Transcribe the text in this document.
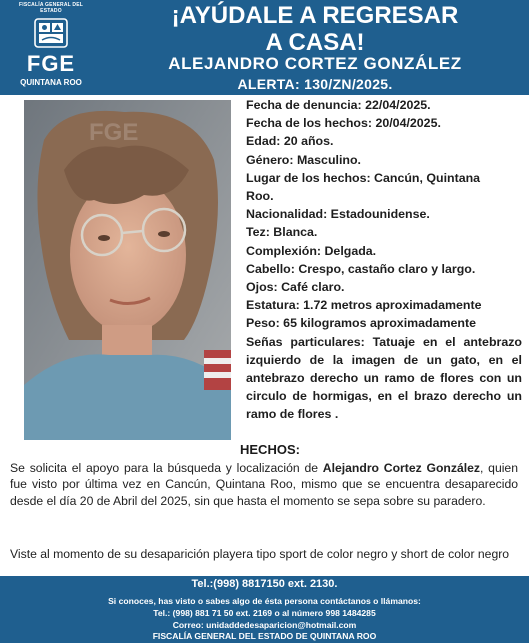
FISCALÍA GENERAL DEL ESTADO
FGE
QUINTANA ROO
¡AYÚDALE A REGRESAR
A CASA!
ALEJANDRO CORTEZ GONZÁLEZ
ALERTA: 130/ZN/2025.
FGE
Fecha de denuncia: 22/04/2025.
Fecha de los hechos: 20/04/2025.
Edad: 20 años.
Género: Masculino.
Lugar de los hechos: Cancún, Quintana
Roo.
Nacionalidad: Estadounidense.
Tez: Blanca.
Complexión: Delgada.
Cabello: Crespo, castaño claro y largo.
Ojos: Café claro.
Estatura: 1.72 metros aproximadamente
Peso: 65 kilogramos aproximadamente
Señas particulares: Tatuaje en el antebrazo izquierdo de la imagen de un gato, en el antebrazo derecho un ramo de flores con un circulo de hormigas, en el brazo derecho un ramo de flores .
HECHOS:
Se solicita el apoyo para la búsqueda y localización de Alejandro Cortez González, quien fue visto por última vez en Cancún, Quintana Roo, mismo que se encuentra desaparecido desde el día 20 de Abril del 2025, sin que hasta el momento se sepa sobre su paradero.
Viste al momento de su desaparición playera tipo sport de color negro y short de color negro
Tel.:(998) 8817150 ext. 2130.
Si conoces, has visto o sabes algo de ésta persona contáctanos o llámanos:
Tel.: (998) 881 71 50 ext. 2169 o al número 998 1484285
Correo: unidaddedesaparicion@hotmail.com
FISCALÍA GENERAL DEL ESTADO DE QUINTANA ROO
